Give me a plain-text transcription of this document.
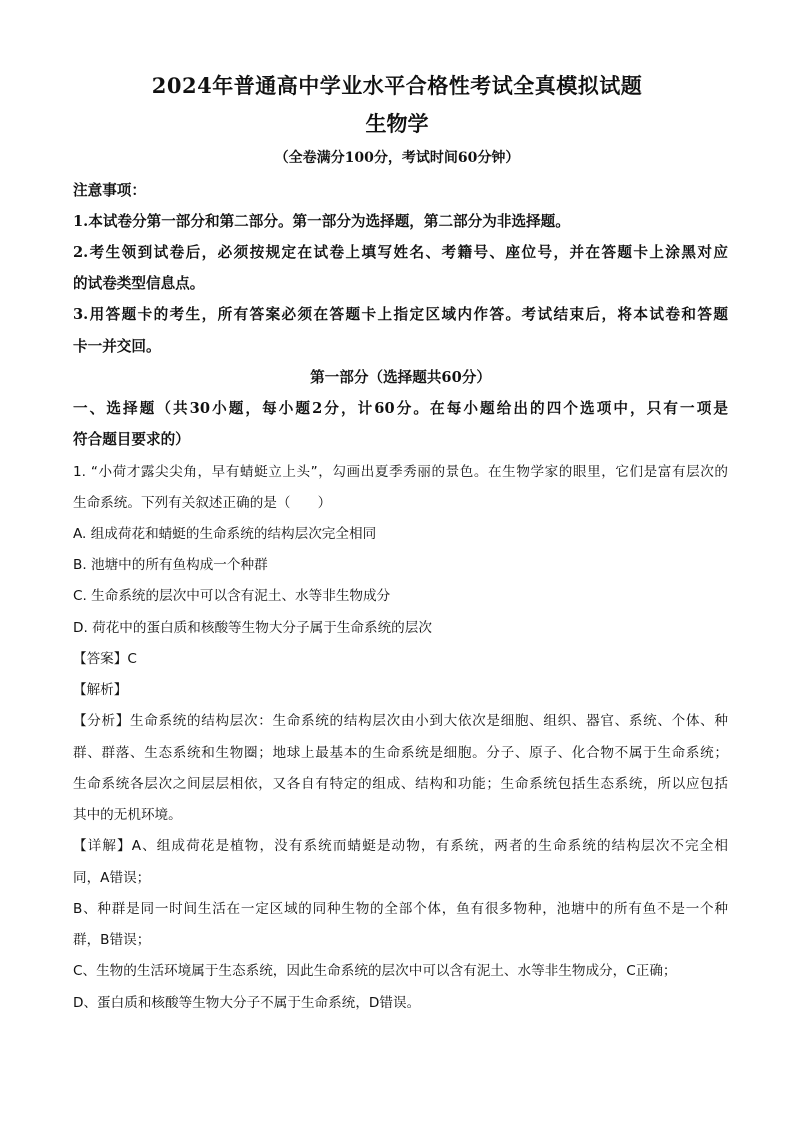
2024年普通高中学业水平合格性考试全真模拟试题
生物学
（全卷满分100分，考试时间60分钟）
注意事项：
1.本试卷分第一部分和第二部分。第一部分为选择题，第二部分为非选择题。
2.考生领到试卷后，必须按规定在试卷上填写姓名、考籍号、座位号，并在答题卡上涂黑对应
的试卷类型信息点。
3.用答题卡的考生，所有答案必须在答题卡上指定区域内作答。考试结束后，将本试卷和答题
卡一并交回。
第一部分（选择题共60分）
一、选择题（共30小题，每小题2分，计60分。在每小题给出的四个选项中，只有一项是
符合题目要求的）
1. “小荷才露尖尖角，早有蜻蜓立上头”，勾画出夏季秀丽的景色。在生物学家的眼里，它们是富有层次的
生命系统。下列有关叙述正确的是（　　）
A. 组成荷花和蜻蜓的生命系统的结构层次完全相同
B. 池塘中的所有鱼构成一个种群
C. 生命系统的层次中可以含有泥土、水等非生物成分
D. 荷花中的蛋白质和核酸等生物大分子属于生命系统的层次
【答案】C
【解析】
【分析】生命系统的结构层次：生命系统的结构层次由小到大依次是细胞、组织、器官、系统、个体、种
群、群落、生态系统和生物圈；地球上最基本的生命系统是细胞。分子、原子、化合物不属于生命系统；
生命系统各层次之间层层相依，又各自有特定的组成、结构和功能；生命系统包括生态系统，所以应包括
其中的无机环境。
【详解】A、组成荷花是植物，没有系统而蜻蜓是动物，有系统，两者的生命系统的结构层次不完全相
同，A错误；
B、种群是同一时间生活在一定区域的同种生物的全部个体，鱼有很多物种，池塘中的所有鱼不是一个种
群，B错误；
C、生物的生活环境属于生态系统，因此生命系统的层次中可以含有泥土、水等非生物成分，C正确；
D、蛋白质和核酸等生物大分子不属于生命系统，D错误。
